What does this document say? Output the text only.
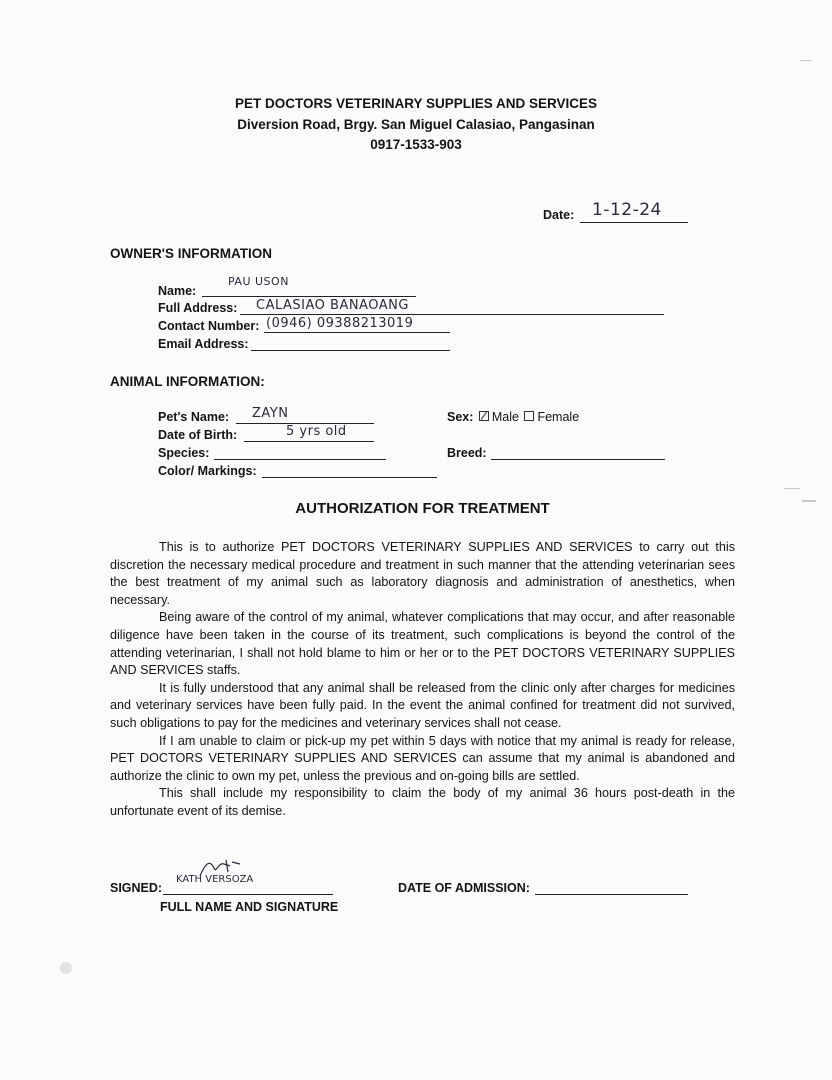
PET DOCTORS VETERINARY SUPPLIES AND SERVICES
Diversion Road, Brgy. San Miguel Calasiao, Pangasinan
0917-1533-903
Date: 1-12-24
OWNER'S INFORMATION
Name:
PAU USON
Full Address: CALASIAO BANAOANG
Contact Number: (0946) 09388213019
Email Address:
ANIMAL INFORMATION:
Pet's Name: ZAYN
Date of Birth:	5 yrs old
Species:
Color/ Markings:
Sex: Male Female
Breed:
AUTHORIZATION FOR TREATMENT

This is to authorize PET DOCTORS VETERINARY SUPPLIES AND SERVICES to carry out this discretion the necessary medical procedure and treatment in such manner that the attending veterinarian sees the best treatment of my animal such as laboratory diagnosis and administration of anesthetics, when necessary.

Being aware of the control of my animal, whatever complications that may occur, and after reasonable diligence have been taken in the course of its treatment, such complications is beyond the control of the attending veterinarian, I shall not hold blame to him or her or to the PET DOCTORS VETERINARY SUPPLIES AND SERVICES staffs.

It is fully understood that any animal shall be released from the clinic only after charges for medicines and veterinary services have been fully paid. In the event the animal confined for treatment did not survived, such obligations to pay for the medicines and veterinary services shall not cease.

If I am unable to claim or pick-up my pet within 5 days with notice that my animal is ready for release, PET DOCTORS VETERINARY SUPPLIES AND SERVICES can assume that my animal is abandoned and authorize the clinic to own my pet, unless the previous and on-going bills are settled.

This shall include my responsibility to claim the body of my animal 36 hours post-death in the unfortunate event of its demise.

SIGNED:
KATH VERSOZA
FULL NAME AND SIGNATURE
DATE OF ADMISSION:
